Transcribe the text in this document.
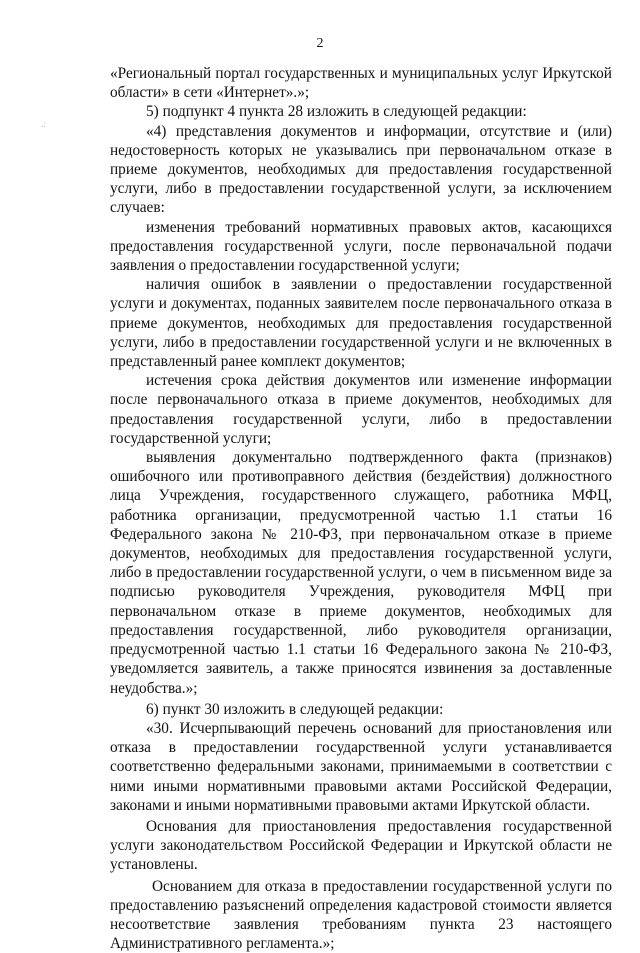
2
.:

«Региональный портал государственных и муниципальных услуг Иркутской области» в сети «Интернет».»;

5) подпункт 4 пункта 28 изложить в следующей редакции:

«4) представления документов и информации, отсутствие и (или) недостоверность которых не указывались при первоначальном отказе в приеме документов, необходимых для предоставления государственной услуги, либо в предоставлении государственной услуги, за исключением случаев:

изменения требований нормативных правовых актов, касающихся предоставления государственной услуги, после первоначальной подачи заявления о предоставлении государственной услуги;

наличия ошибок в заявлении о предоставлении государственной услуги и документах, поданных заявителем после первоначального отказа в приеме документов, необходимых для предоставления государственной услуги, либо в предоставлении государственной услуги и не включенных в представленный ранее комплект документов;

истечения срока действия документов или изменение информации после первоначального отказа в приеме документов, необходимых для предоставления государственной услуги, либо в предоставлении государственной услуги;

выявления документально подтвержденного факта (признаков) ошибочного или противоправного действия (бездействия) должностного лица Учреждения, государственного служащего, работника МФЦ, работника организации, предусмотренной частью 1.1 статьи 16 Федерального закона № 210-ФЗ, при первоначальном отказе в приеме документов, необходимых для предоставления государственной услуги, либо в предоставлении государственной услуги, о чем в письменном виде за подписью руководителя Учреждения, руководителя МФЦ при первоначальном отказе в приеме документов, необходимых для предоставления государственной, либо руководителя организации, предусмотренной частью 1.1 статьи 16 Федерального закона № 210-ФЗ, уведомляется заявитель, а также приносятся извинения за доставленные неудобства.»;

6) пункт 30 изложить в следующей редакции:

«30. Исчерпывающий перечень оснований для приостановления или отказа в предоставлении государственной услуги устанавливается соответственно федеральными законами, принимаемыми в соответствии с ними иными нормативными правовыми актами Российской Федерации, законами и иными нормативными правовыми актами Иркутской области.

Основания для приостановления предоставления государственной услуги законодательством Российской Федерации и Иркутской области не установлены.

Основанием для отказа в предоставлении государственной услуги по предоставлению разъяснений определения кадастровой стоимости является несоответствие заявления требованиям пункта 23 настоящего Административного регламента.»;
